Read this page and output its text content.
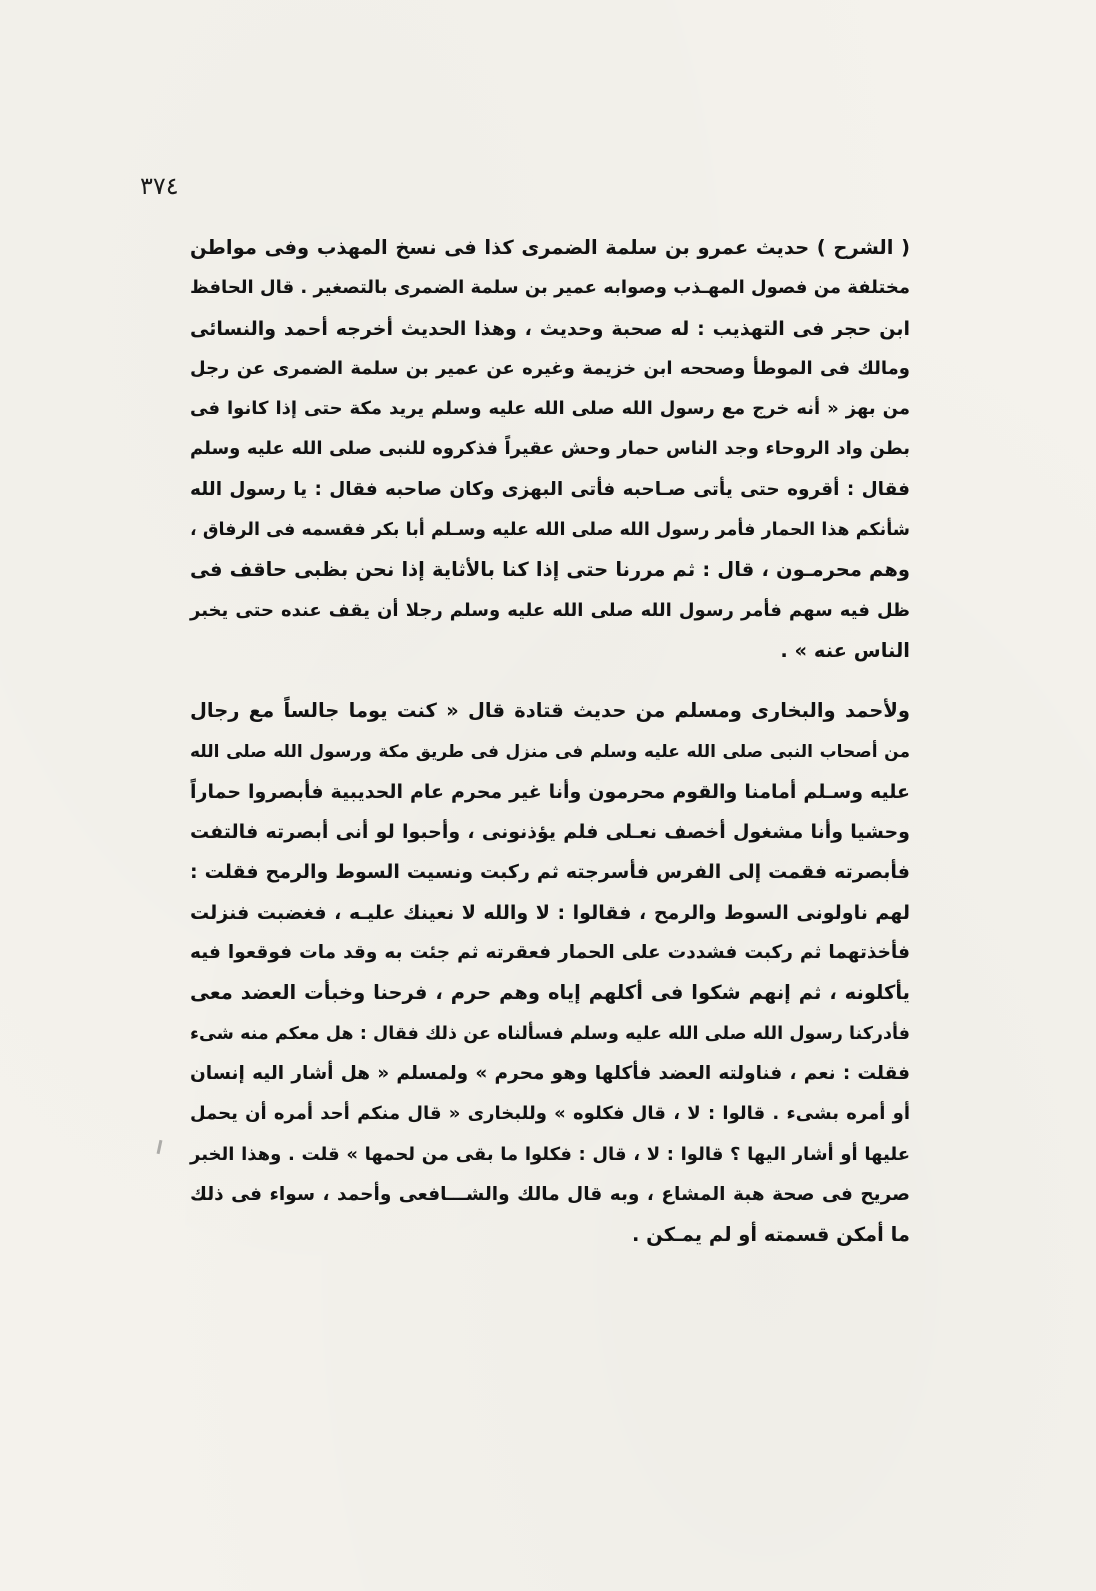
٣٧٤
( الشرح ) حديث عمرو بن سلمة الضمرى كذا فى نسخ المهذب وفى مواطن
مختلفة من فصول المهـذب وصوابه عمير بن سلمة الضمرى بالتصغير . قال الحافظ
ابن حجر فى التهذيب : له صحبة وحديث ، وهذا الحديث أخرجه أحمد والنسائى
ومالك فى الموطأ وصححه ابن خزيمة وغيره عن عمير بن سلمة الضمرى عن رجل
من بهز « أنه خرج مع رسول الله صلى الله عليه وسلم يريد مكة حتى إذا كانوا فى
بطن واد الروحاء وجد الناس حمار وحش عقيراً فذكروه للنبى صلى الله عليه وسلم
فقال : أقروه حتى يأتى صـاحبه فأتى البهزى وكان صاحبه فقال : يا رسول الله
شأنكم هذا الحمار فأمر رسول الله صلى الله عليه وسـلم أبا بكر فقسمه فى الرفاق ،
وهم محرمـون ، قال : ثم مررنا حتى إذا كنا بالأثاية إذا نحن بظبى حاقف فى
ظل فيه سهم فأمر رسول الله صلى الله عليه وسلم رجلا أن يقف عنده حتى يخبر
الناس عنه » .
ولأحمد والبخارى ومسلم من حديث قتادة قال « كنت يوما جالساً مع رجال
من أصحاب النبى صلى الله عليه وسلم فى منزل فى طريق مكة ورسول الله صلى الله
عليه وسـلم أمامنا والقوم محرمون وأنا غير محرم عام الحديبية فأبصروا حماراً
وحشيا وأنا مشغول أخصف نعـلى فلم يؤذنونى ، وأحبوا لو أنى أبصرته فالتفت
فأبصرته فقمت إلى الفرس فأسرجته ثم ركبت ونسيت السوط والرمح فقلت :
لهم ناولونى السوط والرمح ، فقالوا : لا والله لا نعينك عليـه ، فغضبت فنزلت
فأخذتهما ثم ركبت فشددت على الحمار فعقرته ثم جئت به وقد مات فوقعوا فيه
يأكلونه ، ثم إنهم شكوا فى أكلهم إياه وهم حرم ، فرحنا وخبأت العضد معى
فأدركنا رسول الله صلى الله عليه وسلم فسألناه عن ذلك فقال : هل معكم منه شىء
فقلت : نعم ، فناولته العضد فأكلها وهو محرم » ولمسلم « هل أشار اليه إنسان
أو أمره بشىء . قالوا : لا ، قال فكلوه » وللبخارى « قال منكم أحد أمره أن يحمل
عليها أو أشار اليها ؟ قالوا : لا ، قال : فكلوا ما بقى من لحمها » قلت . وهذا الخبر
صريح فى صحة هبة المشاع ، وبه قال مالك والشـــافعى وأحمد ، سواء فى ذلك
ما أمكن قسمته أو لم يمـكن .
